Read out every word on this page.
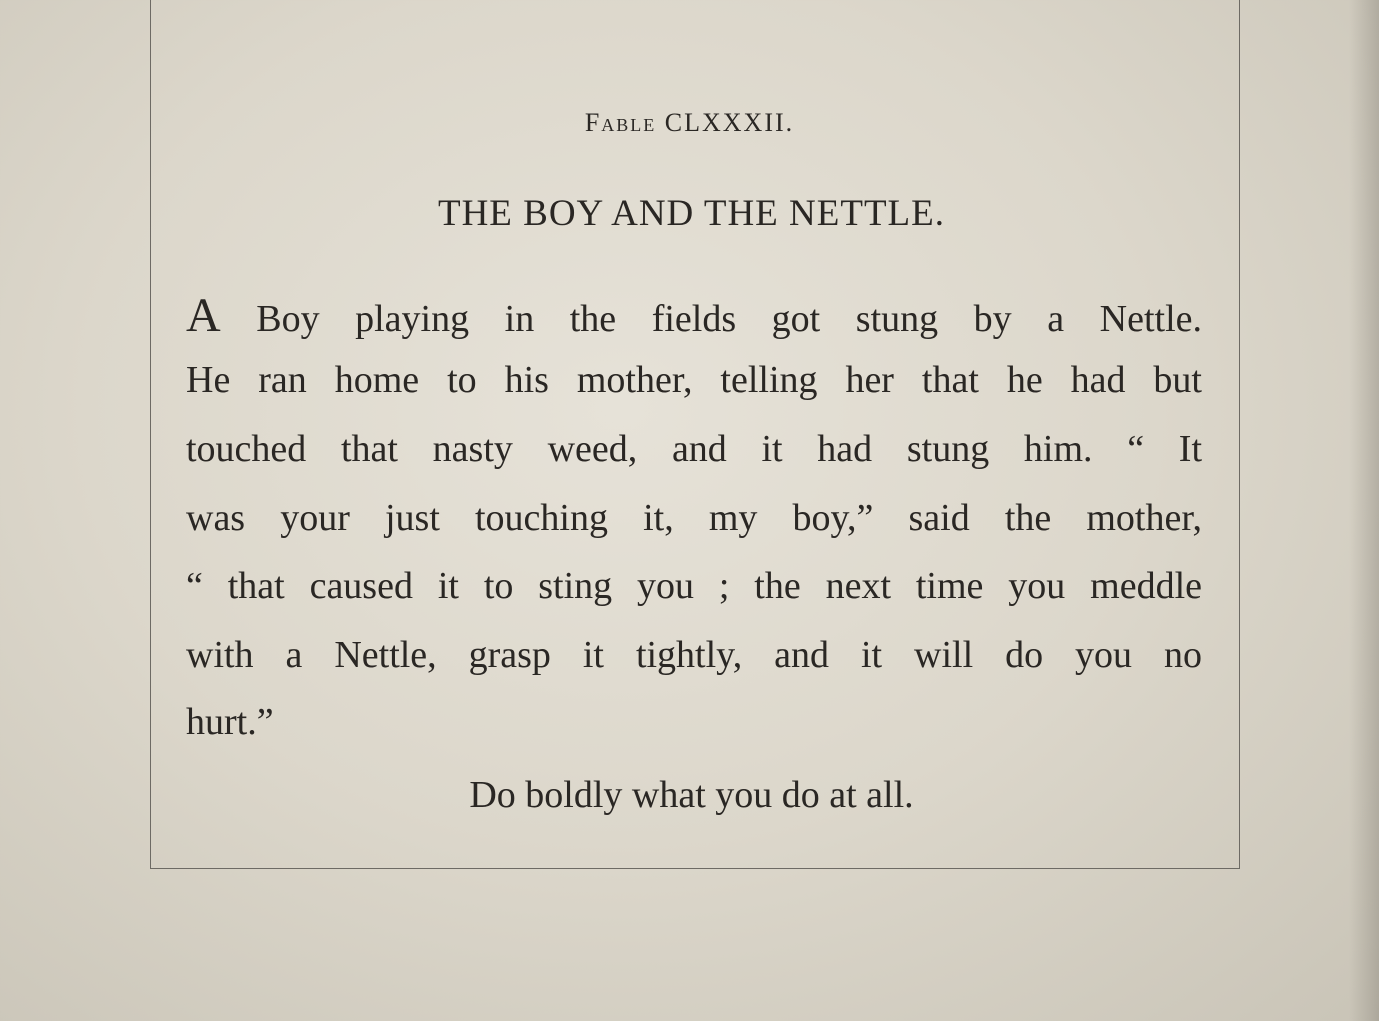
Fable CLXXXII.
THE BOY AND THE NETTLE.
A Boy playing in the fields got stung by a Nettle.
He ran home to his mother, telling her that he had but
touched that nasty weed, and it had stung him. “ It
was your just touching it, my boy,” said the mother,
“ that caused it to sting you ; the next time you meddle
with a Nettle, grasp it tightly, and it will do you no
hurt.”
Do boldly what you do at all.
